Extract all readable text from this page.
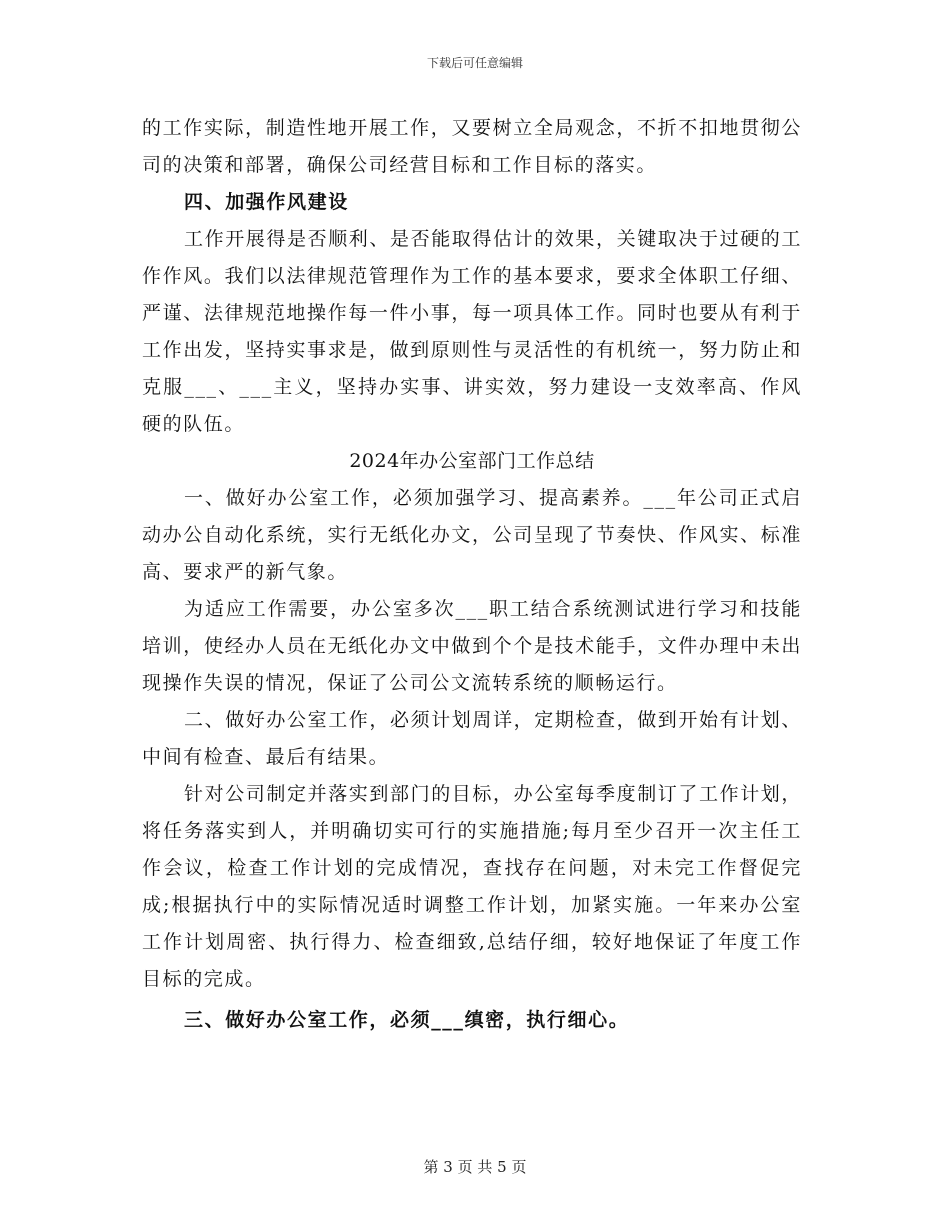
下载后可任意编辑

的工作实际，制造性地开展工作，又要树立全局观念，不折不扣地贯彻公司的决策和部署，确保公司经营目标和工作目标的落实。

四、加强作风建设

工作开展得是否顺利、是否能取得估计的效果，关键取决于过硬的工作作风。我们以法律规范管理作为工作的基本要求，要求全体职工仔细、严谨、法律规范地操作每一件小事，每一项具体工作。同时也要从有利于工作出发，坚持实事求是，做到原则性与灵活性的有机统一，努力防止和克服___、___主义，坚持办实事、讲实效，努力建设一支效率高、作风硬的队伍。

2024年办公室部门工作总结

一、做好办公室工作，必须加强学习、提高素养。___年公司正式启动办公自动化系统，实行无纸化办文，公司呈现了节奏快、作风实、标准高、要求严的新气象。

为适应工作需要，办公室多次___职工结合系统测试进行学习和技能培训，使经办人员在无纸化办文中做到个个是技术能手，文件办理中未出现操作失误的情况，保证了公司公文流转系统的顺畅运行。

二、做好办公室工作，必须计划周详，定期检查，做到开始有计划、中间有检查、最后有结果。

针对公司制定并落实到部门的目标，办公室每季度制订了工作计划，将任务落实到人，并明确切实可行的实施措施;每月至少召开一次主任工作会议，检查工作计划的完成情况，查找存在问题，对未完工作督促完成;根据执行中的实际情况适时调整工作计划，加紧实施。一年来办公室工作计划周密、执行得力、检查细致,总结仔细，较好地保证了年度工作目标的完成。

三、做好办公室工作，必须___缜密，执行细心。

第 3 页 共 5 页
